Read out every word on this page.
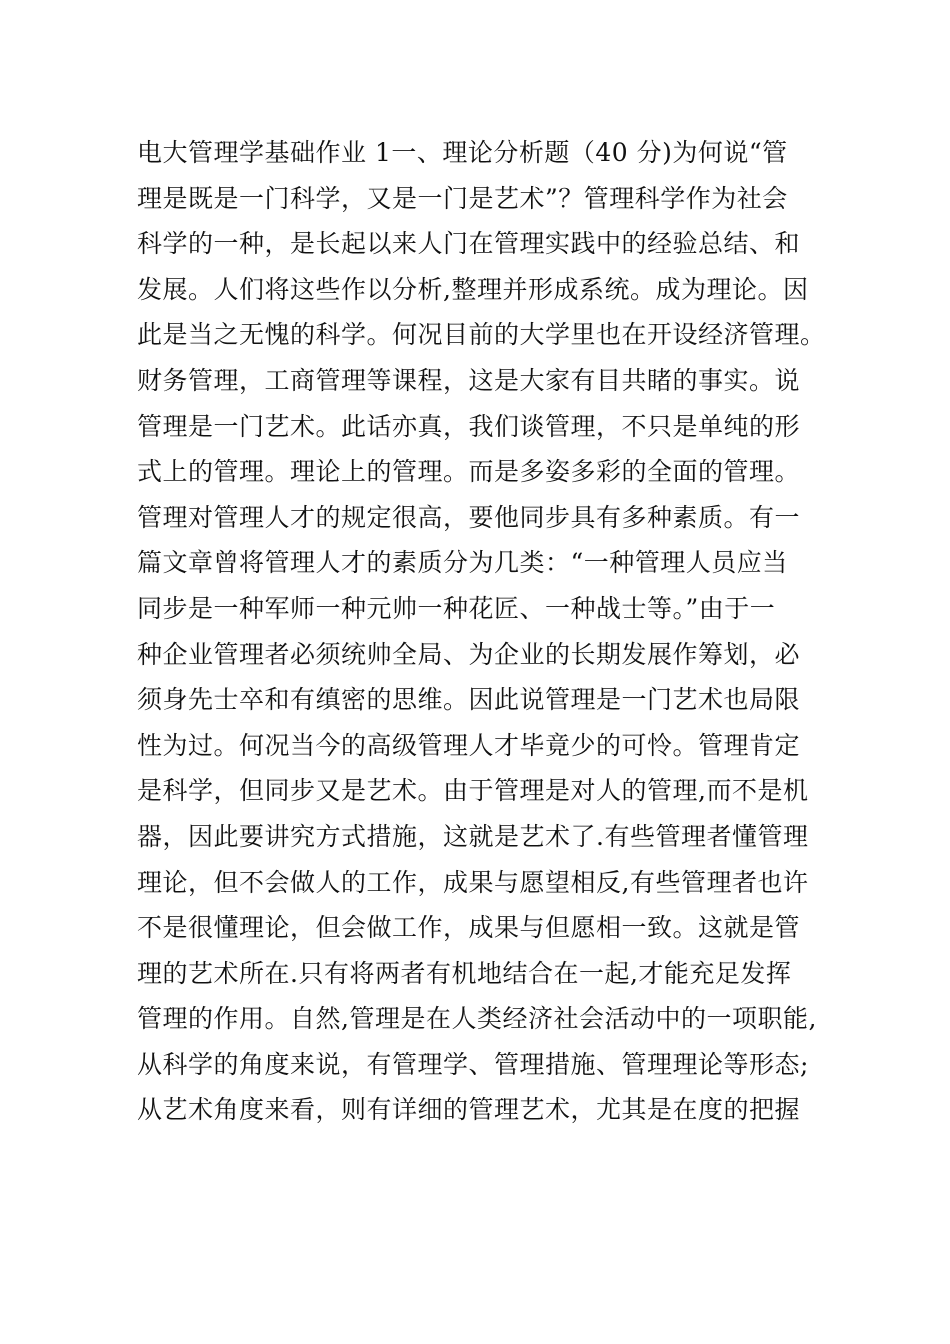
电大管理学基础作业 1一、理论分析题（40 分)为何说“管
理是既是一门科学，又是一门是艺术”？管理科学作为社会
科学的一种，是长起以来人门在管理实践中的经验总结、和
发展。人们将这些作以分析,整理并形成系统。成为理论。因
此是当之无愧的科学。何况目前的大学里也在开设经济管理。
财务管理，工商管理等课程，这是大家有目共睹的事实。说
管理是一门艺术。此话亦真，我们谈管理，不只是单纯的形
式上的管理。理论上的管理。而是多姿多彩的全面的管理。
管理对管理人才的规定很高，要他同步具有多种素质。有一
篇文章曾将管理人才的素质分为几类：“一种管理人员应当
同步是一种军师一种元帅一种花匠、一种战士等。”由于一
种企业管理者必须统帅全局、为企业的长期发展作筹划，必
须身先士卒和有缜密的思维。因此说管理是一门艺术也局限
性为过。何况当今的高级管理人才毕竟少的可怜。管理肯定
是科学，但同步又是艺术。由于管理是对人的管理,而不是机
器，因此要讲究方式措施，这就是艺术了.有些管理者懂管理
理论，但不会做人的工作，成果与愿望相反,有些管理者也许
不是很懂理论，但会做工作，成果与但愿相一致。这就是管
理的艺术所在.只有将两者有机地结合在一起,才能充足发挥
管理的作用。自然,管理是在人类经济社会活动中的一项职能,
从科学的角度来说，有管理学、管理措施、管理理论等形态;
从艺术角度来看，则有详细的管理艺术，尤其是在度的把握
